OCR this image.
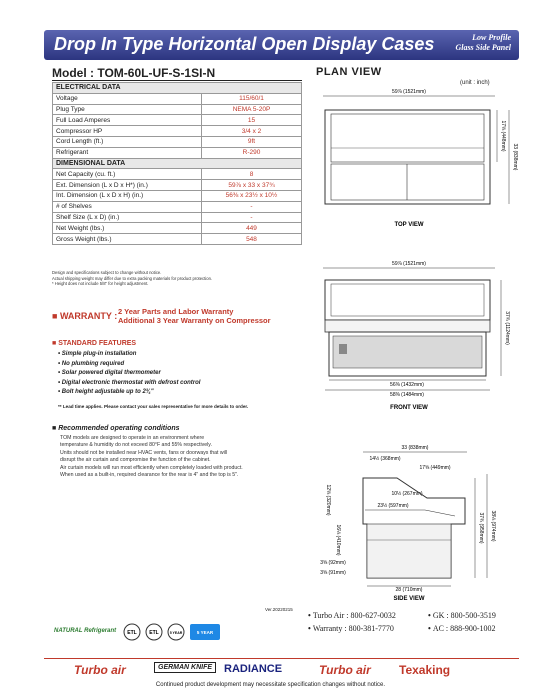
Drop In Type Horizontal Open Display Cases	Low Profile
Glass Side Panel
Model : TOM-60L-UF-S-1SI-N
ELECTRICAL DATA	
Voltage	115/60/1
Plug Type	NEMA 5-20P
Full Load Amperes	15
Compressor HP	3/4 x 2
Cord Length (ft.)	9ft
Refrigerant	R-290
DIMENSIONAL DATA	
Net Capacity (cu. ft.)	8
Ext. Dimension (L x D x H*) (in.)	59⅞ x 33 x 37¾
Int. Dimension (L x D x H) (in.)	56⅜ x 23½ x 10½
# of Shelves	-
Shelf Size (L x D) (in.)	-
Net Weight (lbs.)	449
Gross Weight (lbs.)	548
Design and specifications subject to change without notice.
Actual shipping weight may differ due to extra packing materials for product protection.
* Height does not include 5/8" for height adjustment.
■ WARRANTY : 2 Year Parts and Labor Warranty
Additional 3 Year Warranty on Compressor
■ STANDARD FEATURES
• Simple plug-in installation
• No plumbing required
• Solar powered digital thermometer
• Digital electronic thermostat with defrost control
• Bolt height adjustable up to 2¾"
** Lead time applies. Please contact your sales representative for more details to order.
■ Recommended operating conditions
TOM models are designed to operate in an environment where
temperature & humidity do not exceed 80°F and 55% respectively.
Units should not be installed near HVAC vents, fans or doorways that will
disrupt the air curtain and compromise the function of the cabinet.
Air curtain models will run most efficiently when completely loaded with product.
When used as a built-in, required clearance for the rear is 4" and the top is 5".
Ver.20220215
NATURAL Refrigerant ETL	ETL	5 YEAR	5 YEAR
• Turbo Air : 800-627-0032	• GK : 800-500-3519
• Warranty : 800-381-7770	• AC : 888-900-1002
Turbo air	GERMAN KNIFE	RADIANCE	Turbo air Texaking
Continued product development may necessitate specification changes without notice.
PLAN VIEW
(unit : inch)
59⅞ (1521mm)
17⅝ (448mm)
33 (838mm)
TOP VIEW
59⅞ (1521mm)
56⅜ (1432mm)
58⅜ (1484mm)
37¾ (1124mm)
FRONT VIEW
33 (838mm)
14½ (368mm)
17⅝ (449mm)
10½ (267mm)
23½ (597mm)
28 (710mm)
12⅝ (320mm)
16⅛ (410mm)
3⅝ (92mm)
3⅝ (91mm)
37¾ (958mm) 38⅛ (974mm)
SIDE VIEW
